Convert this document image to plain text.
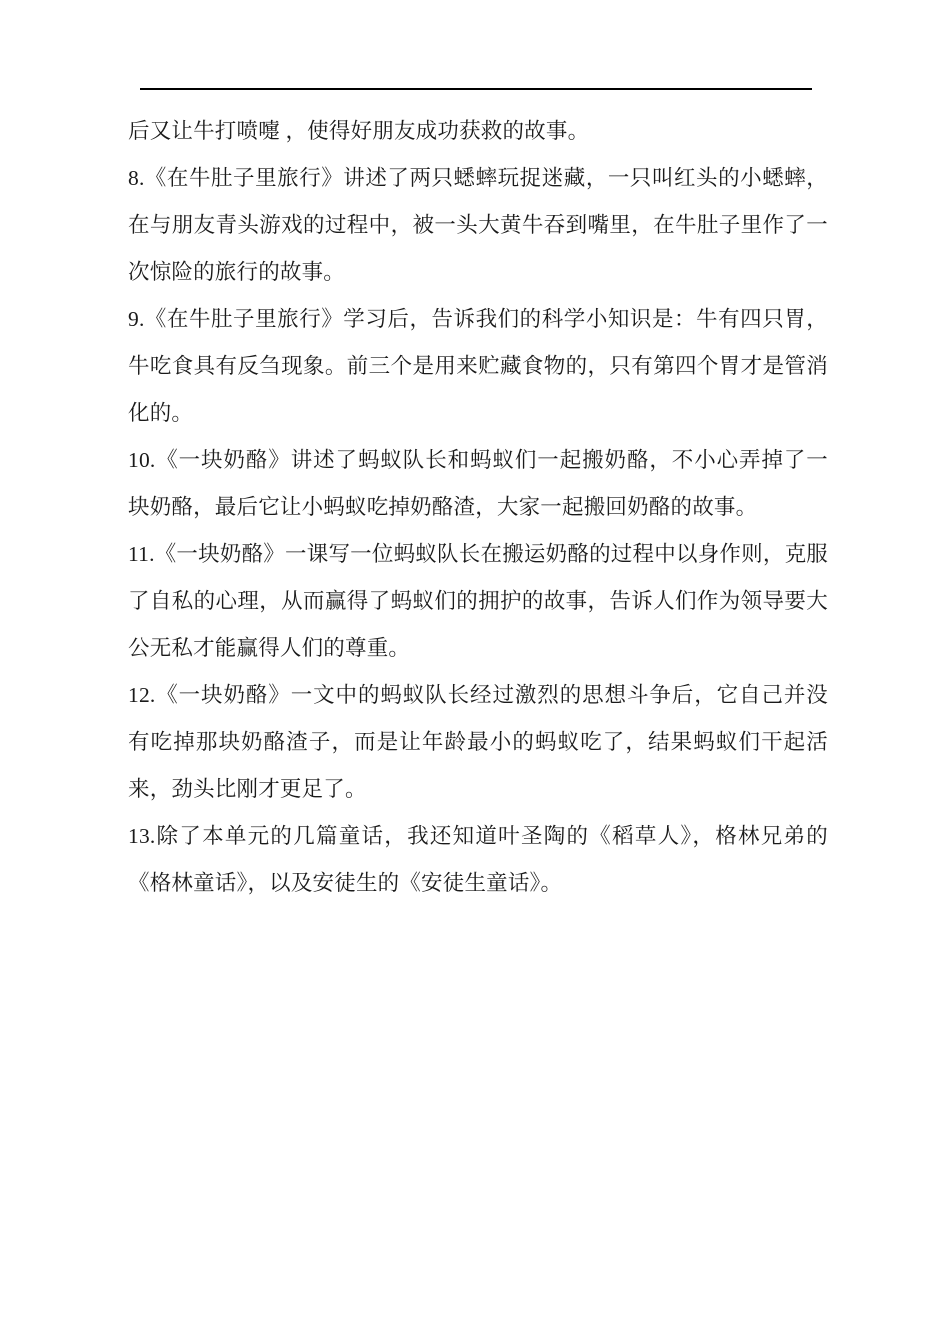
后又让牛打喷嚏 ，使得好朋友成功获救的故事。

8.《在牛肚子里旅行》讲述了两只蟋蟀玩捉迷藏，一只叫红头的小蟋蟀，在与朋友青头游戏的过程中，被一头大黄牛吞到嘴里，在牛肚子里作了一次惊险的旅行的故事。

9.《在牛肚子里旅行》学习后，告诉我们的科学小知识是：牛有四只胃，牛吃食具有反刍现象。前三个是用来贮藏食物的，只有第四个胃才是管消化的。

10.《一块奶酪》讲述了蚂蚁队长和蚂蚁们一起搬奶酪，不小心弄掉了一块奶酪，最后它让小蚂蚁吃掉奶酪渣，大家一起搬回奶酪的故事。

11.《一块奶酪》一课写一位蚂蚁队长在搬运奶酪的过程中以身作则，克服了自私的心理，从而赢得了蚂蚁们的拥护的故事，告诉人们作为领导要大公无私才能赢得人们的尊重。

12.《一块奶酪》一文中的蚂蚁队长经过激烈的思想斗争后，它自己并没有吃掉那块奶酪渣子，而是让年龄最小的蚂蚁吃了，结果蚂蚁们干起活来，劲头比刚才更足了。

13.除了本单元的几篇童话，我还知道叶圣陶的《稻草人》，格林兄弟的《格林童话》，以及安徒生的《安徒生童话》。
